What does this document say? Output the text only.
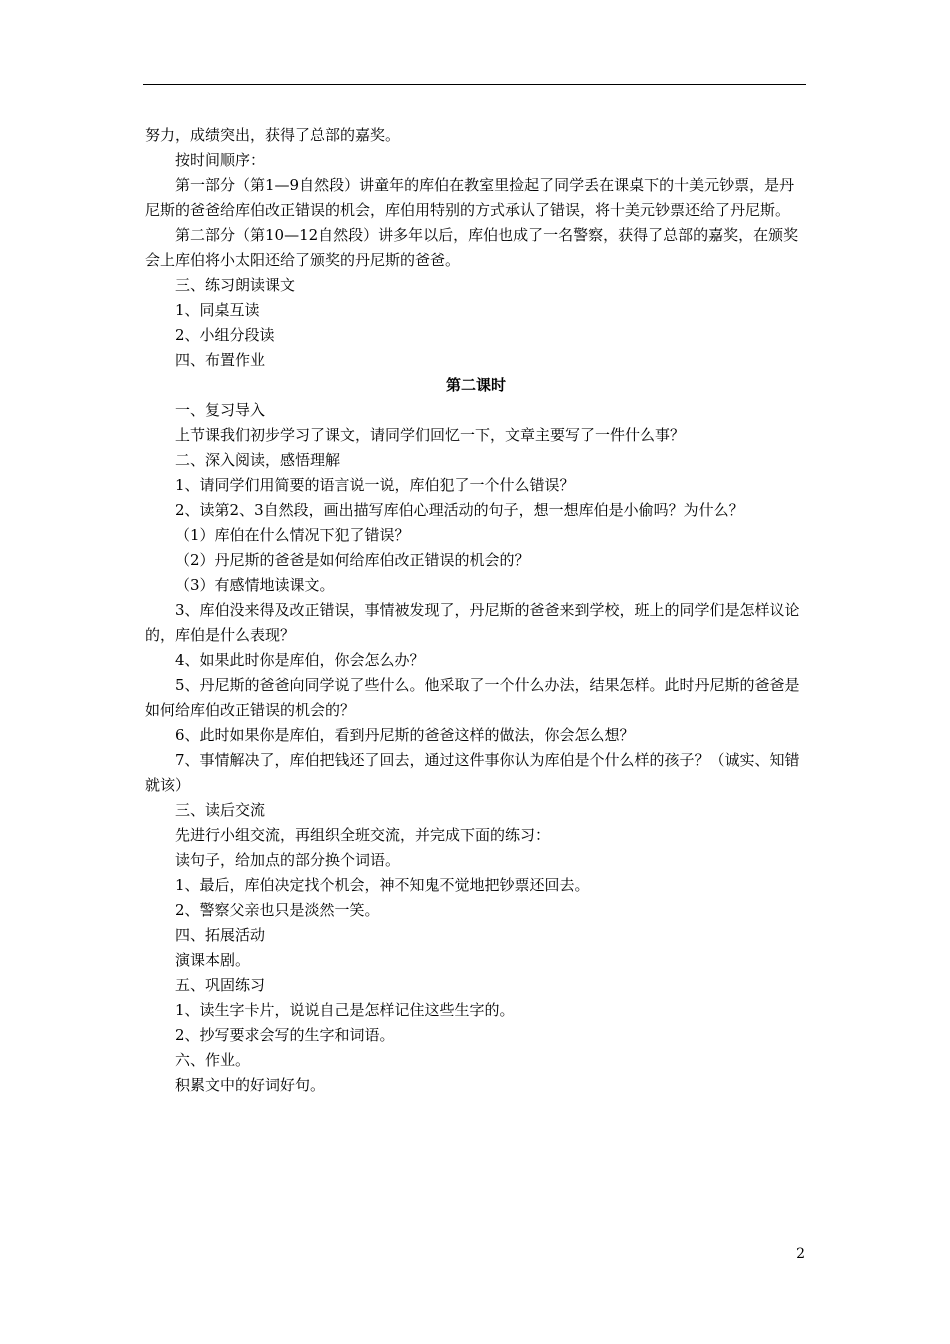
努力，成绩突出，获得了总部的嘉奖。

按时间顺序：

第一部分（第1—9自然段）讲童年的库伯在教室里捡起了同学丢在课桌下的十美元钞票，是丹尼斯的爸爸给库伯改正错误的机会，库伯用特别的方式承认了错误，将十美元钞票还给了丹尼斯。

第二部分（第10—12自然段）讲多年以后，库伯也成了一名警察，获得了总部的嘉奖，在颁奖会上库伯将小太阳还给了颁奖的丹尼斯的爸爸。

三、练习朗读课文

1、同桌互读

2、小组分段读

四、布置作业

第二课时

一、复习导入

上节课我们初步学习了课文，请同学们回忆一下，文章主要写了一件什么事？

二、深入阅读，感悟理解

1、请同学们用简要的语言说一说，库伯犯了一个什么错误？

2、读第2、3自然段，画出描写库伯心理活动的句子，想一想库伯是小偷吗？为什么？

（1）库伯在什么情况下犯了错误？

（2）丹尼斯的爸爸是如何给库伯改正错误的机会的？

（3）有感情地读课文。

3、库伯没来得及改正错误，事情被发现了，丹尼斯的爸爸来到学校，班上的同学们是怎样议论的，库伯是什么表现？

4、如果此时你是库伯，你会怎么办？

5、丹尼斯的爸爸向同学说了些什么。他采取了一个什么办法，结果怎样。此时丹尼斯的爸爸是如何给库伯改正错误的机会的？

6、此时如果你是库伯，看到丹尼斯的爸爸这样的做法，你会怎么想？

7、事情解决了，库伯把钱还了回去，通过这件事你认为库伯是个什么样的孩子？（诚实、知错就该）

三、读后交流

先进行小组交流，再组织全班交流，并完成下面的练习：

读句子，给加点的部分换个词语。

1、最后，库伯决定找个机会，神不知鬼不觉地把钞票还回去。

2、警察父亲也只是淡然一笑。

四、拓展活动

演课本剧。

五、巩固练习

1、读生字卡片，说说自己是怎样记住这些生字的。

2、抄写要求会写的生字和词语。

六、作业。

积累文中的好词好句。

2
